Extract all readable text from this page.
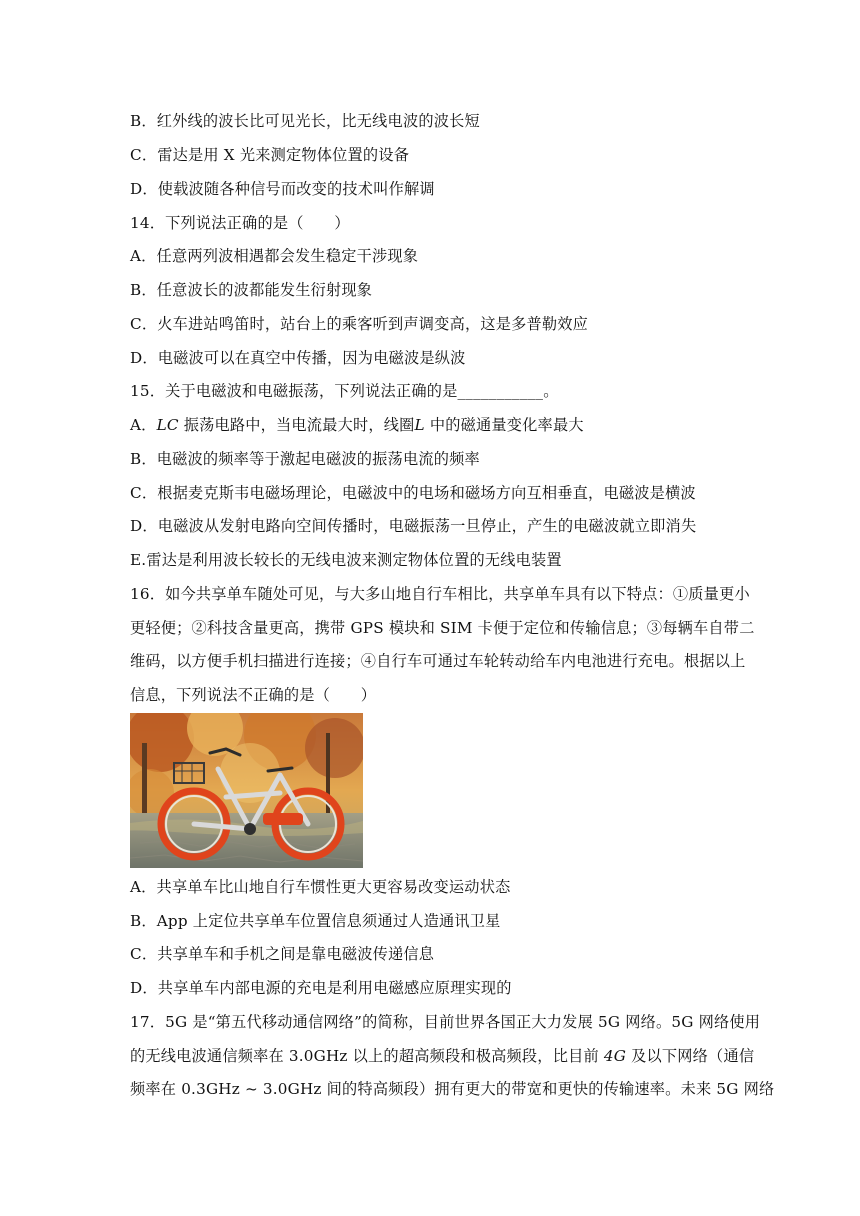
B．红外线的波长比可见光长，比无线电波的波长短
C．雷达是用 X 光来测定物体位置的设备
D．使载波随各种信号而改变的技术叫作解调
14．下列说法正确的是（　　）
A．任意两列波相遇都会发生稳定干涉现象
B．任意波长的波都能发生衍射现象
C．火车进站鸣笛时，站台上的乘客听到声调变高，这是多普勒效应
D．电磁波可以在真空中传播，因为电磁波是纵波
15．关于电磁波和电磁振荡，下列说法正确的是___________。
A．LC 振荡电路中，当电流最大时，线圈L 中的磁通量变化率最大
B．电磁波的频率等于激起电磁波的振荡电流的频率
C．根据麦克斯韦电磁场理论，电磁波中的电场和磁场方向互相垂直，电磁波是横波
D．电磁波从发射电路向空间传播时，电磁振荡一旦停止，产生的电磁波就立即消失
E.雷达是利用波长较长的无线电波来测定物体位置的无线电装置
16．如今共享单车随处可见，与大多山地自行车相比，共享单车具有以下特点：①质量更小
更轻便；②科技含量更高，携带 GPS 模块和 SIM 卡便于定位和传输信息；③每辆车自带二
维码，以方便手机扫描进行连接；④自行车可通过车轮转动给车内电池进行充电。根据以上
信息，下列说法不正确的是（　　）
A．共享单车比山地自行车惯性更大更容易改变运动状态
B．App 上定位共享单车位置信息须通过人造通讯卫星
C．共享单车和手机之间是靠电磁波传递信息
D．共享单车内部电源的充电是利用电磁感应原理实现的
17．5G 是“第五代移动通信网络”的简称，目前世界各国正大力发展 5G 网络。5G 网络使用
的无线电波通信频率在 3.0GHz 以上的超高频段和极高频段，比目前 4G 及以下网络（通信
频率在 0.3GHz ~ 3.0GHz 间的特高频段）拥有更大的带宽和更快的传输速率。未来 5G 网络
